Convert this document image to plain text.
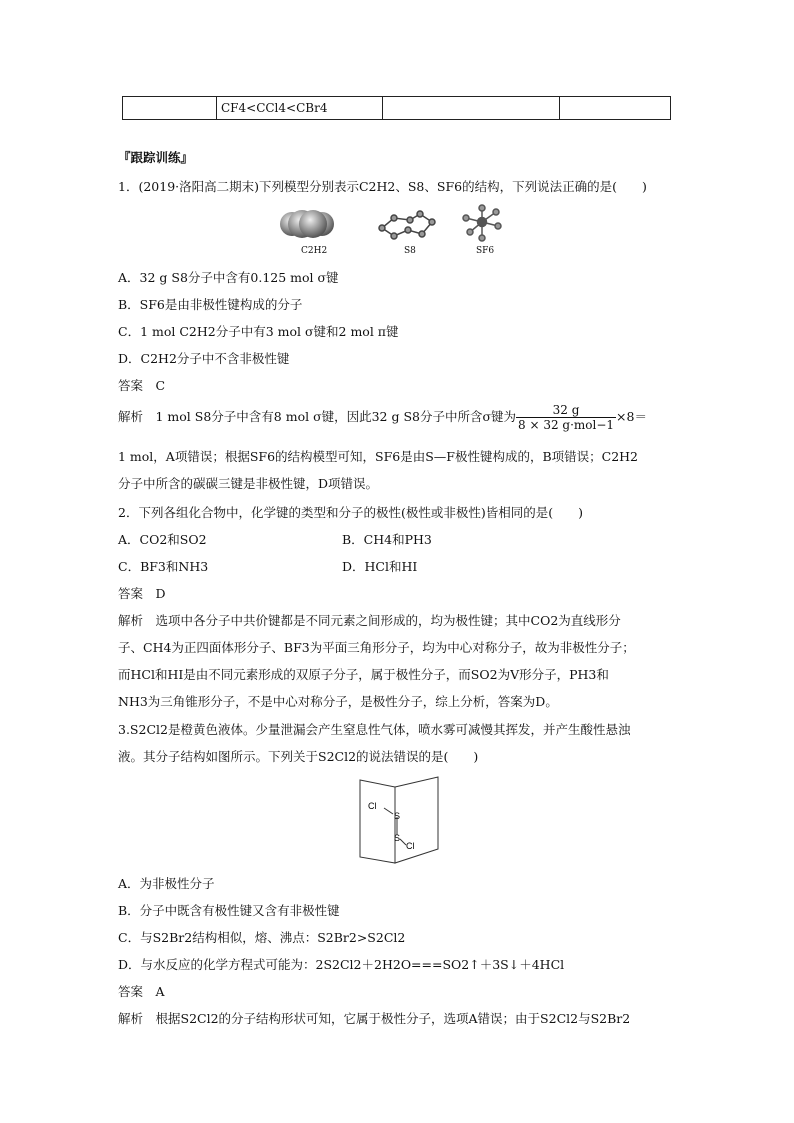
	CF4<CCl4<CBr4		
『跟踪训练』
1．(2019·洛阳高二期末)下列模型分别表示C2H2、S8、SF6的结构，下列说法正确的是(　　)
C2H2	S8	SF6
A．32 g S8分子中含有0.125 mol σ键
B．SF6是由非极性键构成的分子
C．1 mol C2H2分子中有3 mol σ键和2 mol π键
D．C2H2分子中不含非极性键
答案　C
解析　1 mol S8分子中含有8 mol σ键，因此32 g S8分子中所含σ键为 $\frac{32 g}{\text{8 × 32 g·mol−1}} \times 8=$
1 mol，A项错误；根据SF6的结构模型可知，SF6是由S—F极性键构成的，B项错误；C2H2
分子中所含的碳碳三键是非极性键，D项错误。
2．下列各组化合物中，化学键的类型和分子的极性(极性或非极性)皆相同的是(　　)
A．CO2和SO2	B．CH4和PH3
C．BF3和NH3	D．HCl和HI
答案　D
解析　选项中各分子中共价键都是不同元素之间形成的，均为极性键；其中CO2为直线形分
子、CH4为正四面体形分子、BF3为平面三角形分子，均为中心对称分子，故为非极性分子；
而HCl和HI是由不同元素形成的双原子分子，属于极性分子，而SO2为V形分子，PH3和
NH3为三角锥形分子，不是中心对称分子，是极性分子，综上分析，答案为D。
3.S2Cl2是橙黄色液体。少量泄漏会产生窒息性气体，喷水雾可减慢其挥发，并产生酸性悬浊
液。其分子结构如图所示。下列关于S2Cl2的说法错误的是(　　)
Cl
S
S
Cl
A．为非极性分子
B．分子中既含有极性键又含有非极性键
C．与S2Br2结构相似，熔、沸点：S2Br2>S2Cl2
D．与水反应的化学方程式可能为：2S2Cl2＋2H2O===SO2↑＋3S↓＋4HCl
答案　A
解析　根据S2Cl2的分子结构形状可知，它属于极性分子，选项A错误；由于S2Cl2与S2Br2
